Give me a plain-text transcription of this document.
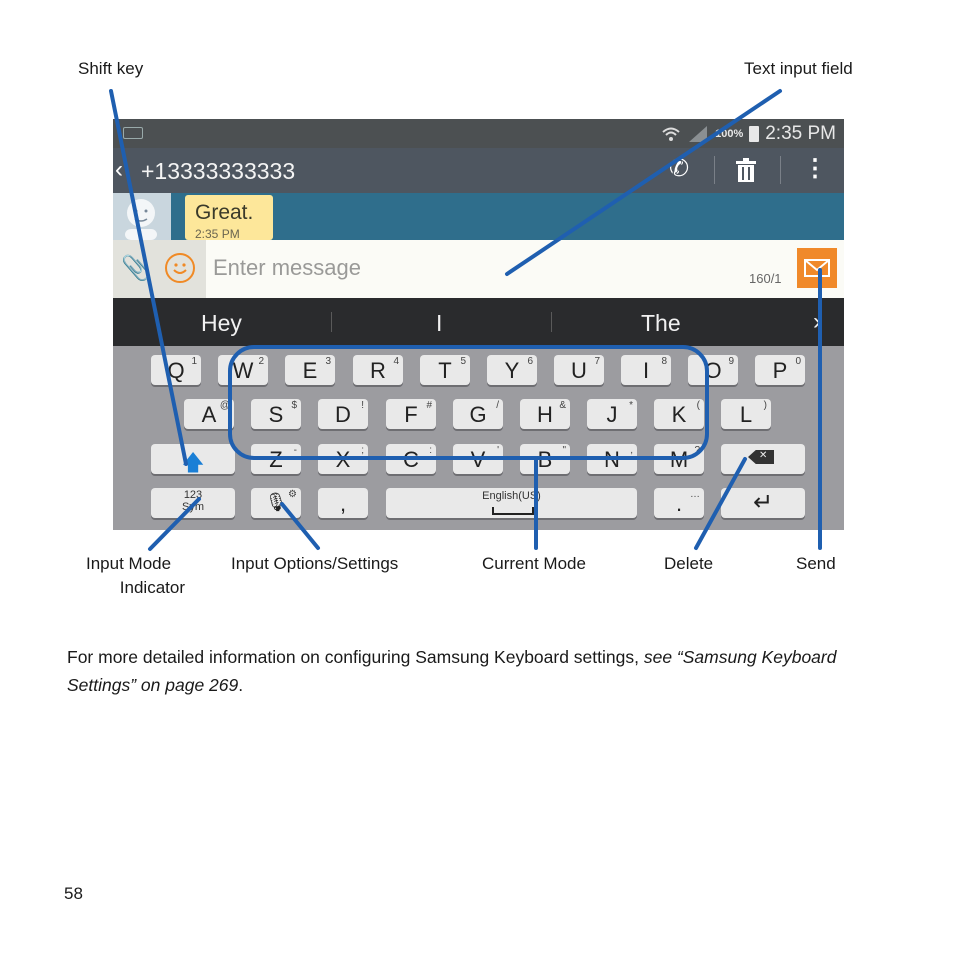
Shift key	Text input field
Input Mode
Indicator
Input Options/Settings	Current Mode	Delete	Send
100% 2:35 PM
‹ +13333333333	✆	⋮
Great.
2:35 PM
📎	Enter message	160/1
Hey	I	The	›
Q 1	W 2	E 3	R 4	T 5	Y 6	U 7	I	8	O 9	P 0
A @	S $	D	!	F #	G /	H &	J	*	K	(	L	)
🡅	Z	-	X	;	C	:	V	'	B	"	N	,	M ?
✕
123
Sym	🎙 ⚙	,	English(US)	. …	↵
For more detailed information on configuring Samsung Keyboard settings, see “Samsung Keyboard Settings” on page 269.
58
